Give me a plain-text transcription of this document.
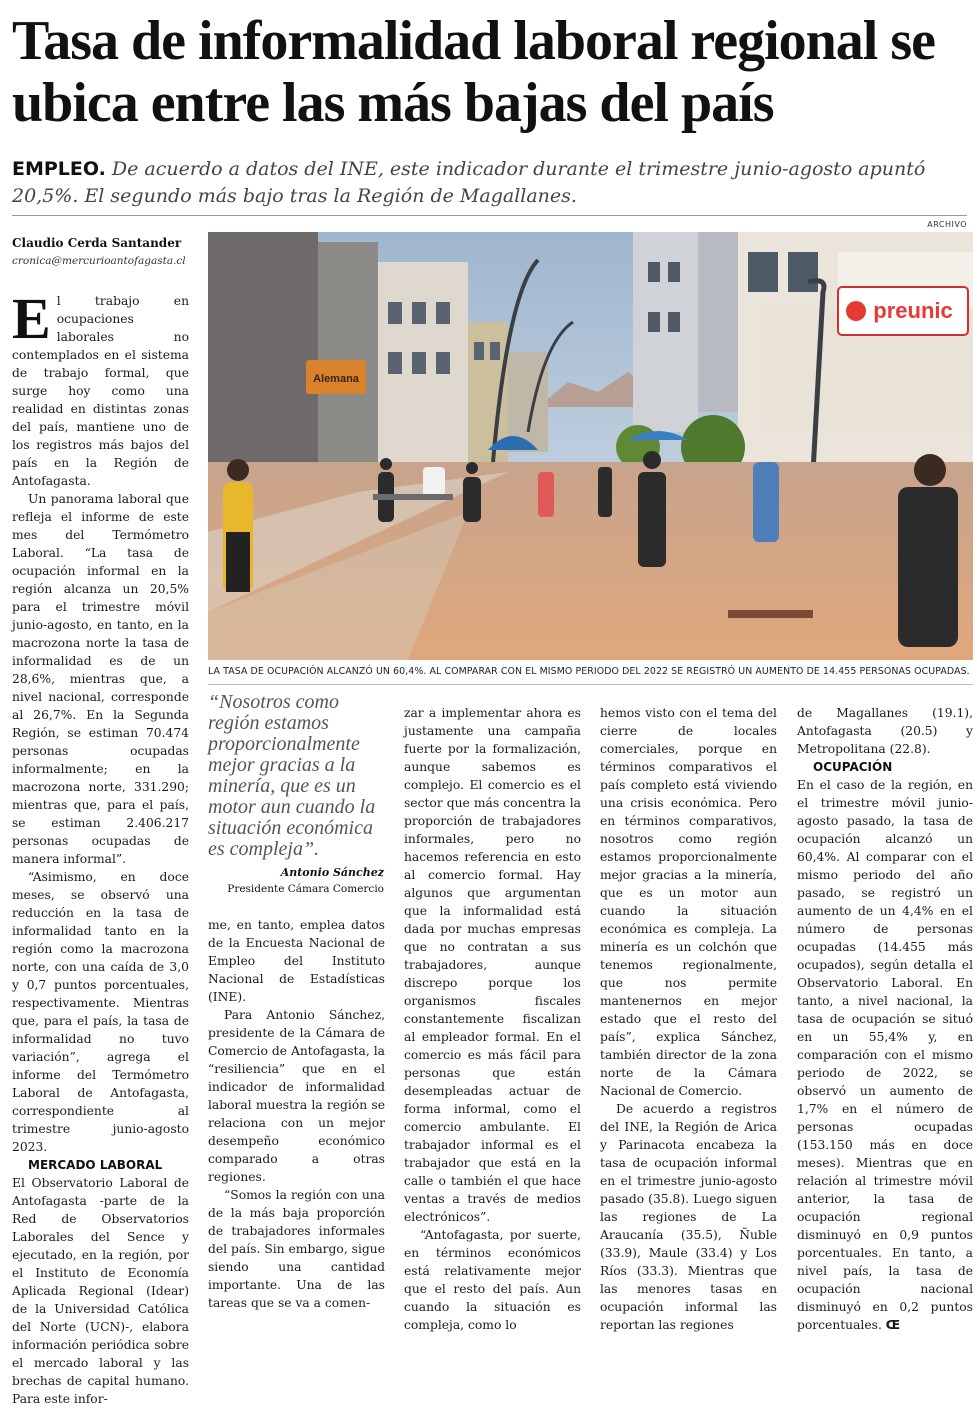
Tasa de informalidad laboral regional se ubica entre las más bajas del país

EMPLEO. De acuerdo a datos del INE, este indicador durante el trimestre junio-agosto apuntó 20,5%. El segundo más bajo tras la Región de Magallanes.

ARCHIVO
Claudio Cerda Santander
cronica@mercurioantofagasta.cl
Alemana
preunic
LA TASA DE OCUPACIÓN ALCANZÓ UN 60,4%. AL COMPARAR CON EL MISMO PERIODO DEL 2022 SE REGISTRÓ UN AUMENTO DE 14.455 PERSONAS OCUPADAS.

El trabajo en ocupaciones laborales no contemplados en el sistema de trabajo formal, que surge hoy como una realidad en distintas zonas del país, mantiene uno de los registros más bajos del país en la Región de Antofagasta.

Un panorama laboral que refleja el informe de este mes del Termómetro Laboral. “La tasa de ocupación informal en la región alcanza un 20,5% para el trimestre móvil junio-agosto, en tanto, en la macrozona norte la tasa de informalidad es de un 28,6%, mientras que, a nivel nacional, corresponde al 26,7%. En la Segunda Región, se estiman 70.474 personas ocupadas informalmente; en la macrozona norte, 331.290; mientras que, para el país, se estiman 2.406.217 personas ocupadas de manera informal”.

“Asimismo, en doce meses, se observó una reducción en la tasa de informalidad tanto en la región como la macrozona norte, con una caída de 3,0 y 0,7 puntos porcentuales, respectivamente. Mientras que, para el país, la tasa de informalidad no tuvo variación”, agrega el informe del Termómetro Laboral de Antofagasta, correspondiente al trimestre junio-agosto 2023.

MERCADO LABORAL

El Observatorio Laboral de Antofagasta -parte de la Red de Observatorios Laborales del Sence y ejecutado, en la región, por el Instituto de Economía Aplicada Regional (Idear) de la Universidad Católica del Norte (UCN)-, elabora información periódica sobre el mercado laboral y las brechas de capital humano. Para este infor-

“Nosotros como región estamos proporcionalmente mejor gracias a la minería, que es un motor aun cuando la situación económica es compleja”.

Antonio Sánchez
Presidente Cámara Comercio

me, en tanto, emplea datos de la Encuesta Nacional de Empleo del Instituto Nacional de Estadísticas (INE).

Para Antonio Sánchez, presidente de la Cámara de Comercio de Antofagasta, la “resiliencia” que en el indicador de informalidad laboral muestra la región se relaciona con un mejor desempeño económico comparado a otras regiones.

“Somos la región con una de la más baja proporción de trabajadores informales del país. Sin embargo, sigue siendo una cantidad importante. Una de las tareas que se va a comen-

zar a implementar ahora es justamente una campaña fuerte por la formalización, aunque sabemos es complejo. El comercio es el sector que más concentra la proporción de trabajadores informales, pero no hacemos referencia en esto al comercio formal. Hay algunos que argumentan que la informalidad está dada por muchas empresas que no contratan a sus trabajadores, aunque discrepo porque los organismos fiscales constantemente fiscalizan al empleador formal. En el comercio es más fácil para personas que están desempleadas actuar de forma informal, como el comercio ambulante. El trabajador informal es el trabajador que está en la calle o también el que hace ventas a través de medios electrónicos”.

“Antofagasta, por suerte, en términos económicos está relativamente mejor que el resto del país. Aun cuando la situación es compleja, como lo

hemos visto con el tema del cierre de locales comerciales, porque en términos comparativos el país completo está viviendo una crisis económica. Pero en términos comparativos, nosotros como región estamos proporcionalmente mejor gracias a la minería, que es un motor aun cuando la situación económica es compleja. La minería es un colchón que tenemos regionalmente, que nos permite mantenernos en mejor estado que el resto del país”, explica Sánchez, también director de la zona norte de la Cámara Nacional de Comercio.

De acuerdo a registros del INE, la Región de Arica y Parinacota encabeza la tasa de ocupación informal en el trimestre junio-agosto pasado (35.8). Luego siguen las regiones de La Araucanía (35.5), Ñuble (33.9), Maule (33.4) y Los Ríos (33.3). Mientras que las menores tasas en ocupación informal las reportan las regiones

de Magallanes (19.1), Antofagasta (20.5) y Metropolitana (22.8).

OCUPACIÓN

En el caso de la región, en el trimestre móvil junio-agosto pasado, la tasa de ocupación alcanzó un 60,4%. Al comparar con el mismo periodo del año pasado, se registró un aumento de un 4,4% en el número de personas ocupadas (14.455 más ocupados), según detalla el Observatorio Laboral. En tanto, a nivel nacional, la tasa de ocupación se situó en un 55,4% y, en comparación con el mismo periodo de 2022, se observó un aumento de 1,7% en el número de personas ocupadas (153.150 más en doce meses). Mientras que en relación al trimestre móvil anterior, la tasa de ocupación regional disminuyó en 0,9 puntos porcentuales. En tanto, a nivel país, la tasa de ocupación nacional disminuyó en 0,2 puntos porcentuales. Œ
